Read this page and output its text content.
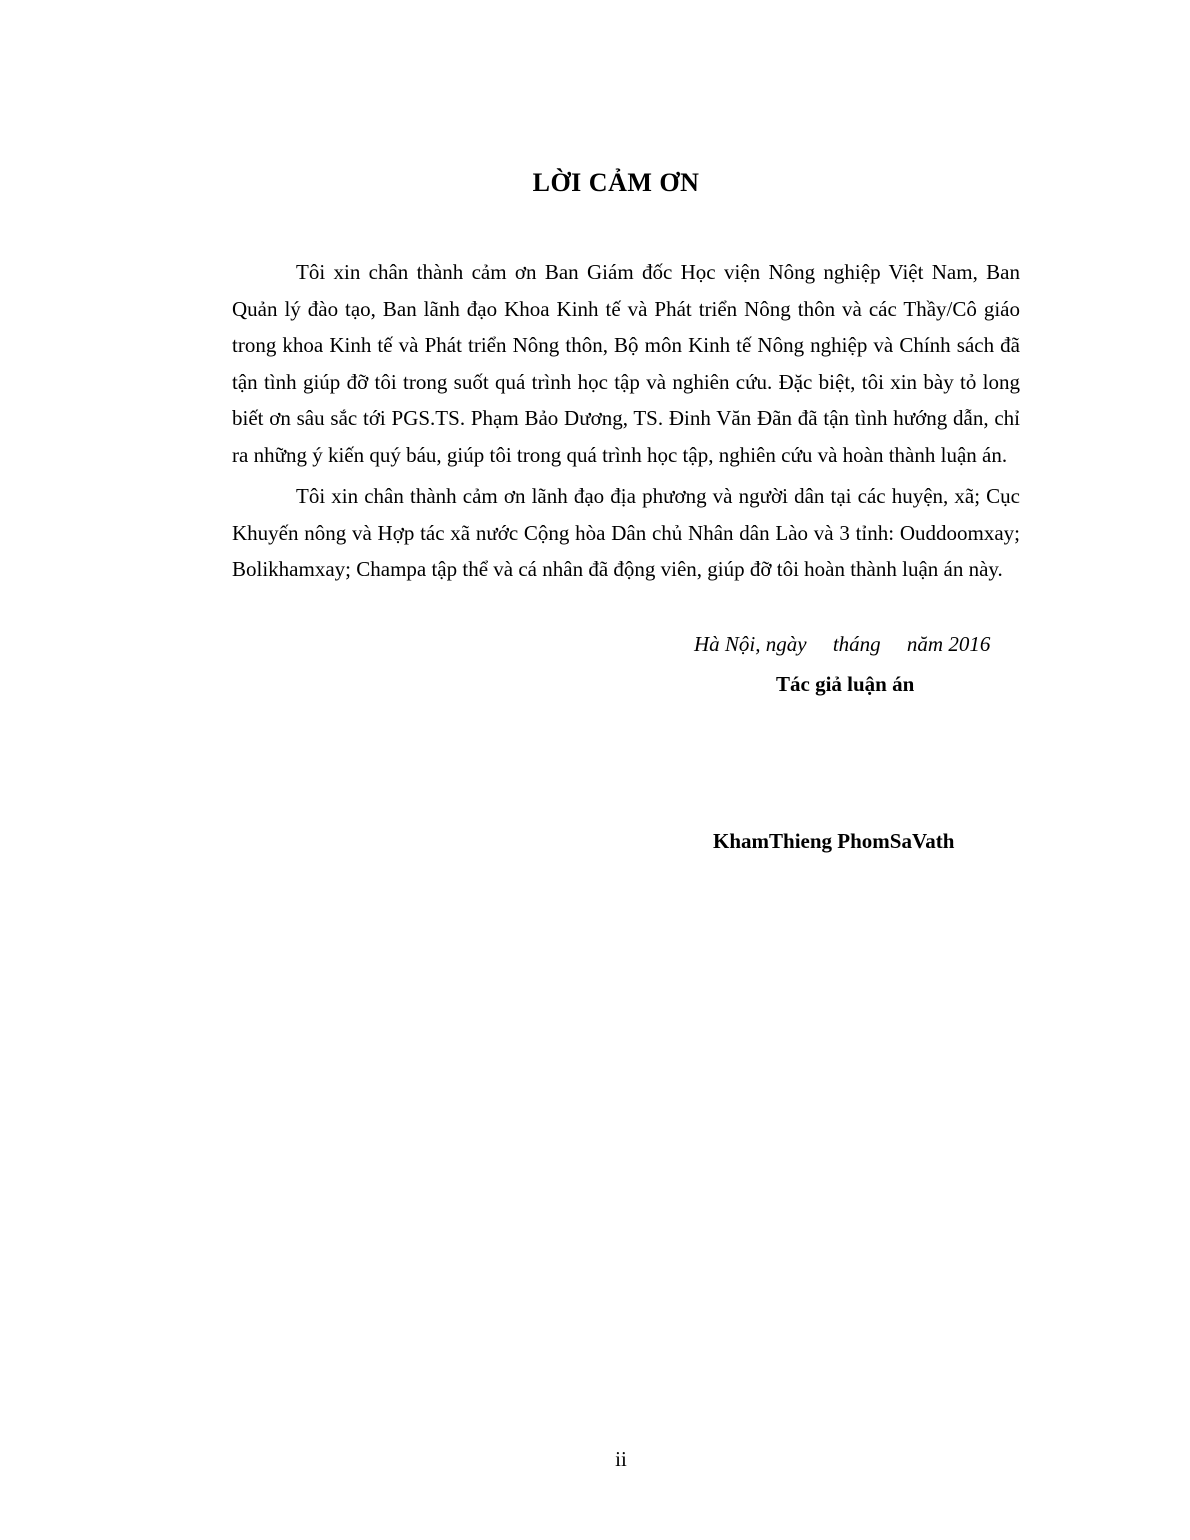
LỜI CẢM ƠN

Tôi xin chân thành cảm ơn Ban Giám đốc Học viện Nông nghiệp Việt Nam, Ban Quản lý đào tạo, Ban lãnh đạo Khoa Kinh tế và Phát triển Nông thôn và các Thầy/Cô giáo trong khoa Kinh tế và Phát triển Nông thôn, Bộ môn Kinh tế Nông nghiệp và Chính sách đã tận tình giúp đỡ tôi trong suốt quá trình học tập và nghiên cứu. Đặc biệt, tôi xin bày tỏ long biết ơn sâu sắc tới PGS.TS. Phạm Bảo Dương, TS. Đinh Văn Đãn đã tận tình hướng dẫn, chỉ ra những ý kiến quý báu, giúp tôi trong quá trình học tập, nghiên cứu và hoàn thành luận án.

Tôi xin chân thành cảm ơn lãnh đạo địa phương và người dân tại các huyện, xã; Cục Khuyến nông và Hợp tác xã nước Cộng hòa Dân chủ Nhân dân Lào và 3 tỉnh: Ouddoomxay; Bolikhamxay; Champa tập thể và cá nhân đã động viên, giúp đỡ tôi hoàn thành luận án này.

Hà Nội, ngày     tháng     năm 2016
Tác giả luận án
KhamThieng PhomSaVath
ii
